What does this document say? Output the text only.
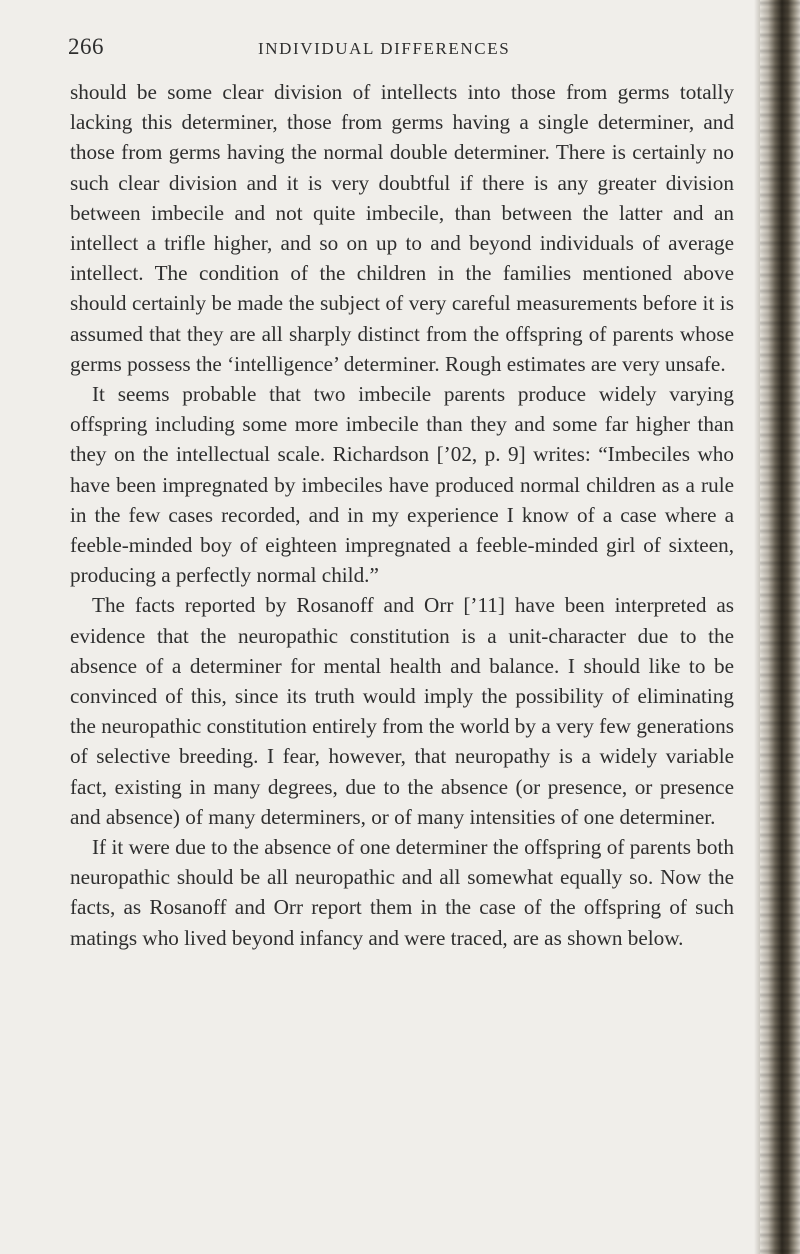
266	INDIVIDUAL DIFFERENCES

should be some clear division of intellects into those from germs totally lacking this determiner, those from germs having a single determiner, and those from germs having the normal double determiner. There is certainly no such clear division and it is very doubtful if there is any greater division between imbecile and not quite imbecile, than between the latter and an intellect a trifle higher, and so on up to and beyond individuals of average intellect. The condition of the children in the families mentioned above should certainly be made the subject of very careful measurements before it is assumed that they are all sharply distinct from the offspring of parents whose germs possess the ‘intelligence’ determiner. Rough estimates are very unsafe.

It seems probable that two imbecile parents produce widely varying offspring including some more imbecile than they and some far higher than they on the intellectual scale. Richardson [’02, p. 9] writes: “Imbeciles who have been impregnated by imbeciles have produced normal children as a rule in the few cases recorded, and in my experience I know of a case where a feeble-minded boy of eighteen impregnated a feeble-minded girl of sixteen, producing a perfectly normal child.”

The facts reported by Rosanoff and Orr [’11] have been interpreted as evidence that the neuropathic constitution is a unit-character due to the absence of a determiner for mental health and balance. I should like to be convinced of this, since its truth would imply the possibility of eliminating the neuropathic constitution entirely from the world by a very few generations of selective breeding. I fear, however, that neuropathy is a widely variable fact, existing in many degrees, due to the absence (or presence, or presence and absence) of many determiners, or of many intensities of one determiner.

If it were due to the absence of one determiner the offspring of parents both neuropathic should be all neuropathic and all somewhat equally so. Now the facts, as Rosanoff and Orr report them in the case of the offspring of such matings who lived beyond infancy and were traced, are as shown below.
